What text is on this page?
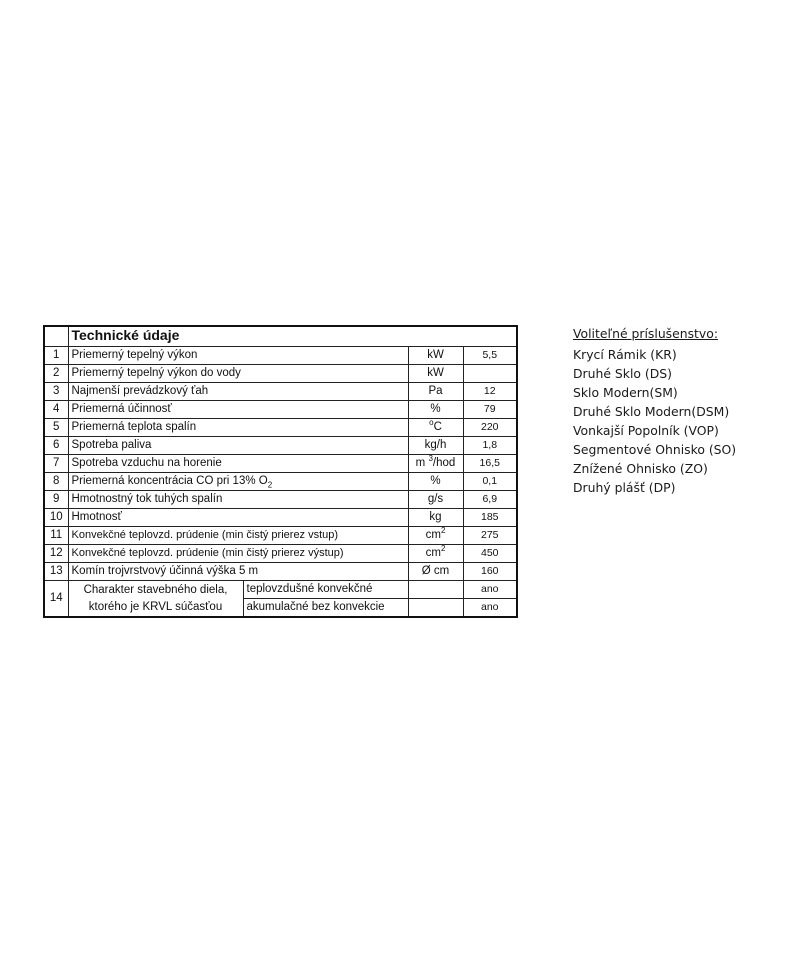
	Technické údaje			
1	Priemerný tepelný výkon		kW	5,5
2	Priemerný tepelný výkon do vody		kW	
3	Najmenší prevádzkový ťah		Pa	12
4	Priemerná účinnosť		%	79
5	Priemerná teplota spalín		$^o$C	220
6	Spotreba paliva		kg/h	1,8
7	Spotreba vzduchu na horenie		m $^3$/hod	16,5
8	Priemerná koncentrácia CO pri 13% $O_2$		%	0,1
9	Hmotnostný tok tuhých spalín		g/s	6,9
10	Hmotnosť		kg	185
11	Konvekčné teplovzd. prúdenie (min čistý prierez vstup)		$cm^2$	275
12	Konvekčné teplovzd. prúdenie (min čistý prierez výstup)		$cm^2$	450
13	Komín trojvrstvový účinná výška 5 m		Ø cm	160
14	Charakter stavebného diela,
ktorého je KRVL súčasťou	teplovzdušné konvekčné		ano
		akumulačné bez konvekcie		ano
Voliteľné príslušenstvo:
Krycí Rámik (KR)
Druhé Sklo (DS)
Sklo Modern(SM)
Druhé Sklo Modern(DSM)
Vonkajší Popolník (VOP)
Segmentové Ohnisko (SO)
Znížené Ohnisko (ZO)
Druhý plášť (DP)
